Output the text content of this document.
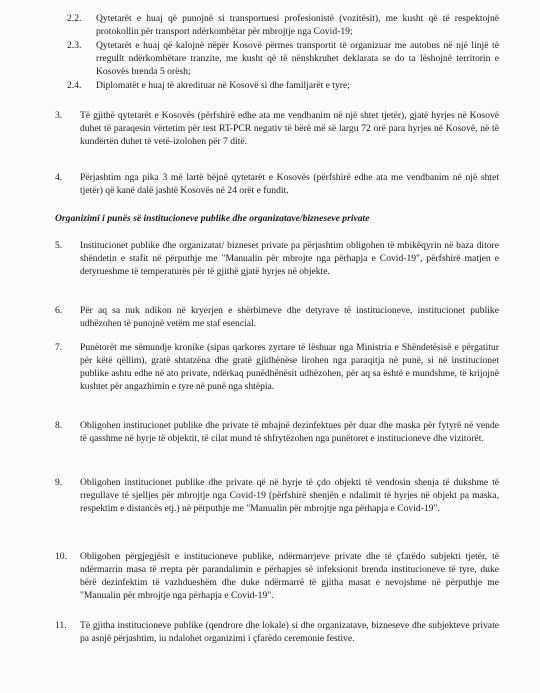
2.2.	Qytetarët e huaj që punojnë si transportuesi profesionistë (vozitësit), me kusht që të respektojnë protokollin për transport ndërkombëtar për mbrojtje nga Covid-19;
2.3.	Qytetarët e huaj që kalojnë nëpër Kosovë përmes transportit të organizuar me autobus në një linjë të rregullt ndërkombëtare tranzite, me kusht që të nënshkruhet deklarata se do ta lëshojnë territorin e Kosovës brenda 5 orësh;
2.4.	Diplomatët e huaj të akredituar në Kosovë si dhe familjarët e tyre;
3.	Të gjithë qytetarët e Kosovës (përfshirë edhe ata me vendbanim në një shtet tjetër), gjatë hyrjes në Kosovë duhet të paraqesin vërtetim për test RT-PCR negativ të bërë më së largu 72 orë para hyrjes në Kosovë, në të kundërtën duhet të vetë-izolohen për 7 ditë.
4.	Përjashtim nga pika 3 më lartë bëjnë qytetarët e Kosovës (përfshirë edhe ata me vendbanim në një shtet tjetër) që kanë dalë jashtë Kosovës në 24 orët e fundit.
Organizimi i punës së institucioneve publike dhe organizatave/bizneseve private
5.	Institucionet publike dhe organizatat/ bizneset private pa përjashtim obligohen të mbikëqyrin në baza ditore shëndetin e stafit në përputhje me "Manualin për mbrojte nga përhapja e Covid-19", përfshirë matjen e detyrueshme të temperaturës për të gjithë gjatë hyrjes në objekte.
6.	Për aq sa nuk ndikon në kryerjen e shërbimeve dhe detyrave të institucioneve, institucionet publike udhëzohen të punojnë vetëm me staf esencial.
7.	Punëtorët me sëmundje kronike (sipas qarkores zyrtare të lëshuar nga Ministria e Shëndetësisë e përgatitur për këtë qëllim), gratë shtatzëna dhe gratë gjidhënëse lirohen nga paraqitja në punë, si në institucionet publike ashtu edhe në ato private, ndërkaq punëdhënësit udhëzohen, për aq sa është e mundshme, të krijojnë kushtet për angazhimin e tyre në punë nga shtëpia.
8.	Obligohen institucionet publike dhe private të mbajnë dezinfektues për duar dhe maska për fytyrë në vende të qasshme në hyrje të objektit, të cilat mund të shfrytëzohen nga punëtoret e institucioneve dhe vizitorët.
9.	Obligohen institucionet publike dhe private që në hyrje të çdo objekti të vendosin shenja të dukshme të rregullave të sjelljes për mbrojtje nga Covid-19 (përfshirë shenjën e ndalimit të hyrjes në objekt pa maska, respektim e distancës etj.) në përputhje me "Manualin për mbrojtje nga përhapja e Covid-19".
10.	Obligohen përgjegjësit e institucioneve publike, ndërmarrjeve private dhe të çfarëdo subjekti tjetër, të ndërmarrin masa të rrepta për parandalimin e përhapjes së infeksionit brenda institucioneve të tyre, duke bërë dezinfektim të vazhdueshëm dhe duke ndërmarrë të gjitha masat e nevojshme në përputhje me "Manualin për mbrojtje nga përhapja e Covid-19".
11.	Të gjitha institucioneve publike (qendrore dhe lokale) si dhe organizatave, bizneseve dhe subjekteve private pa asnjë përjashtim, iu ndalohet organizimi i çfarëdo ceremonie festive.
